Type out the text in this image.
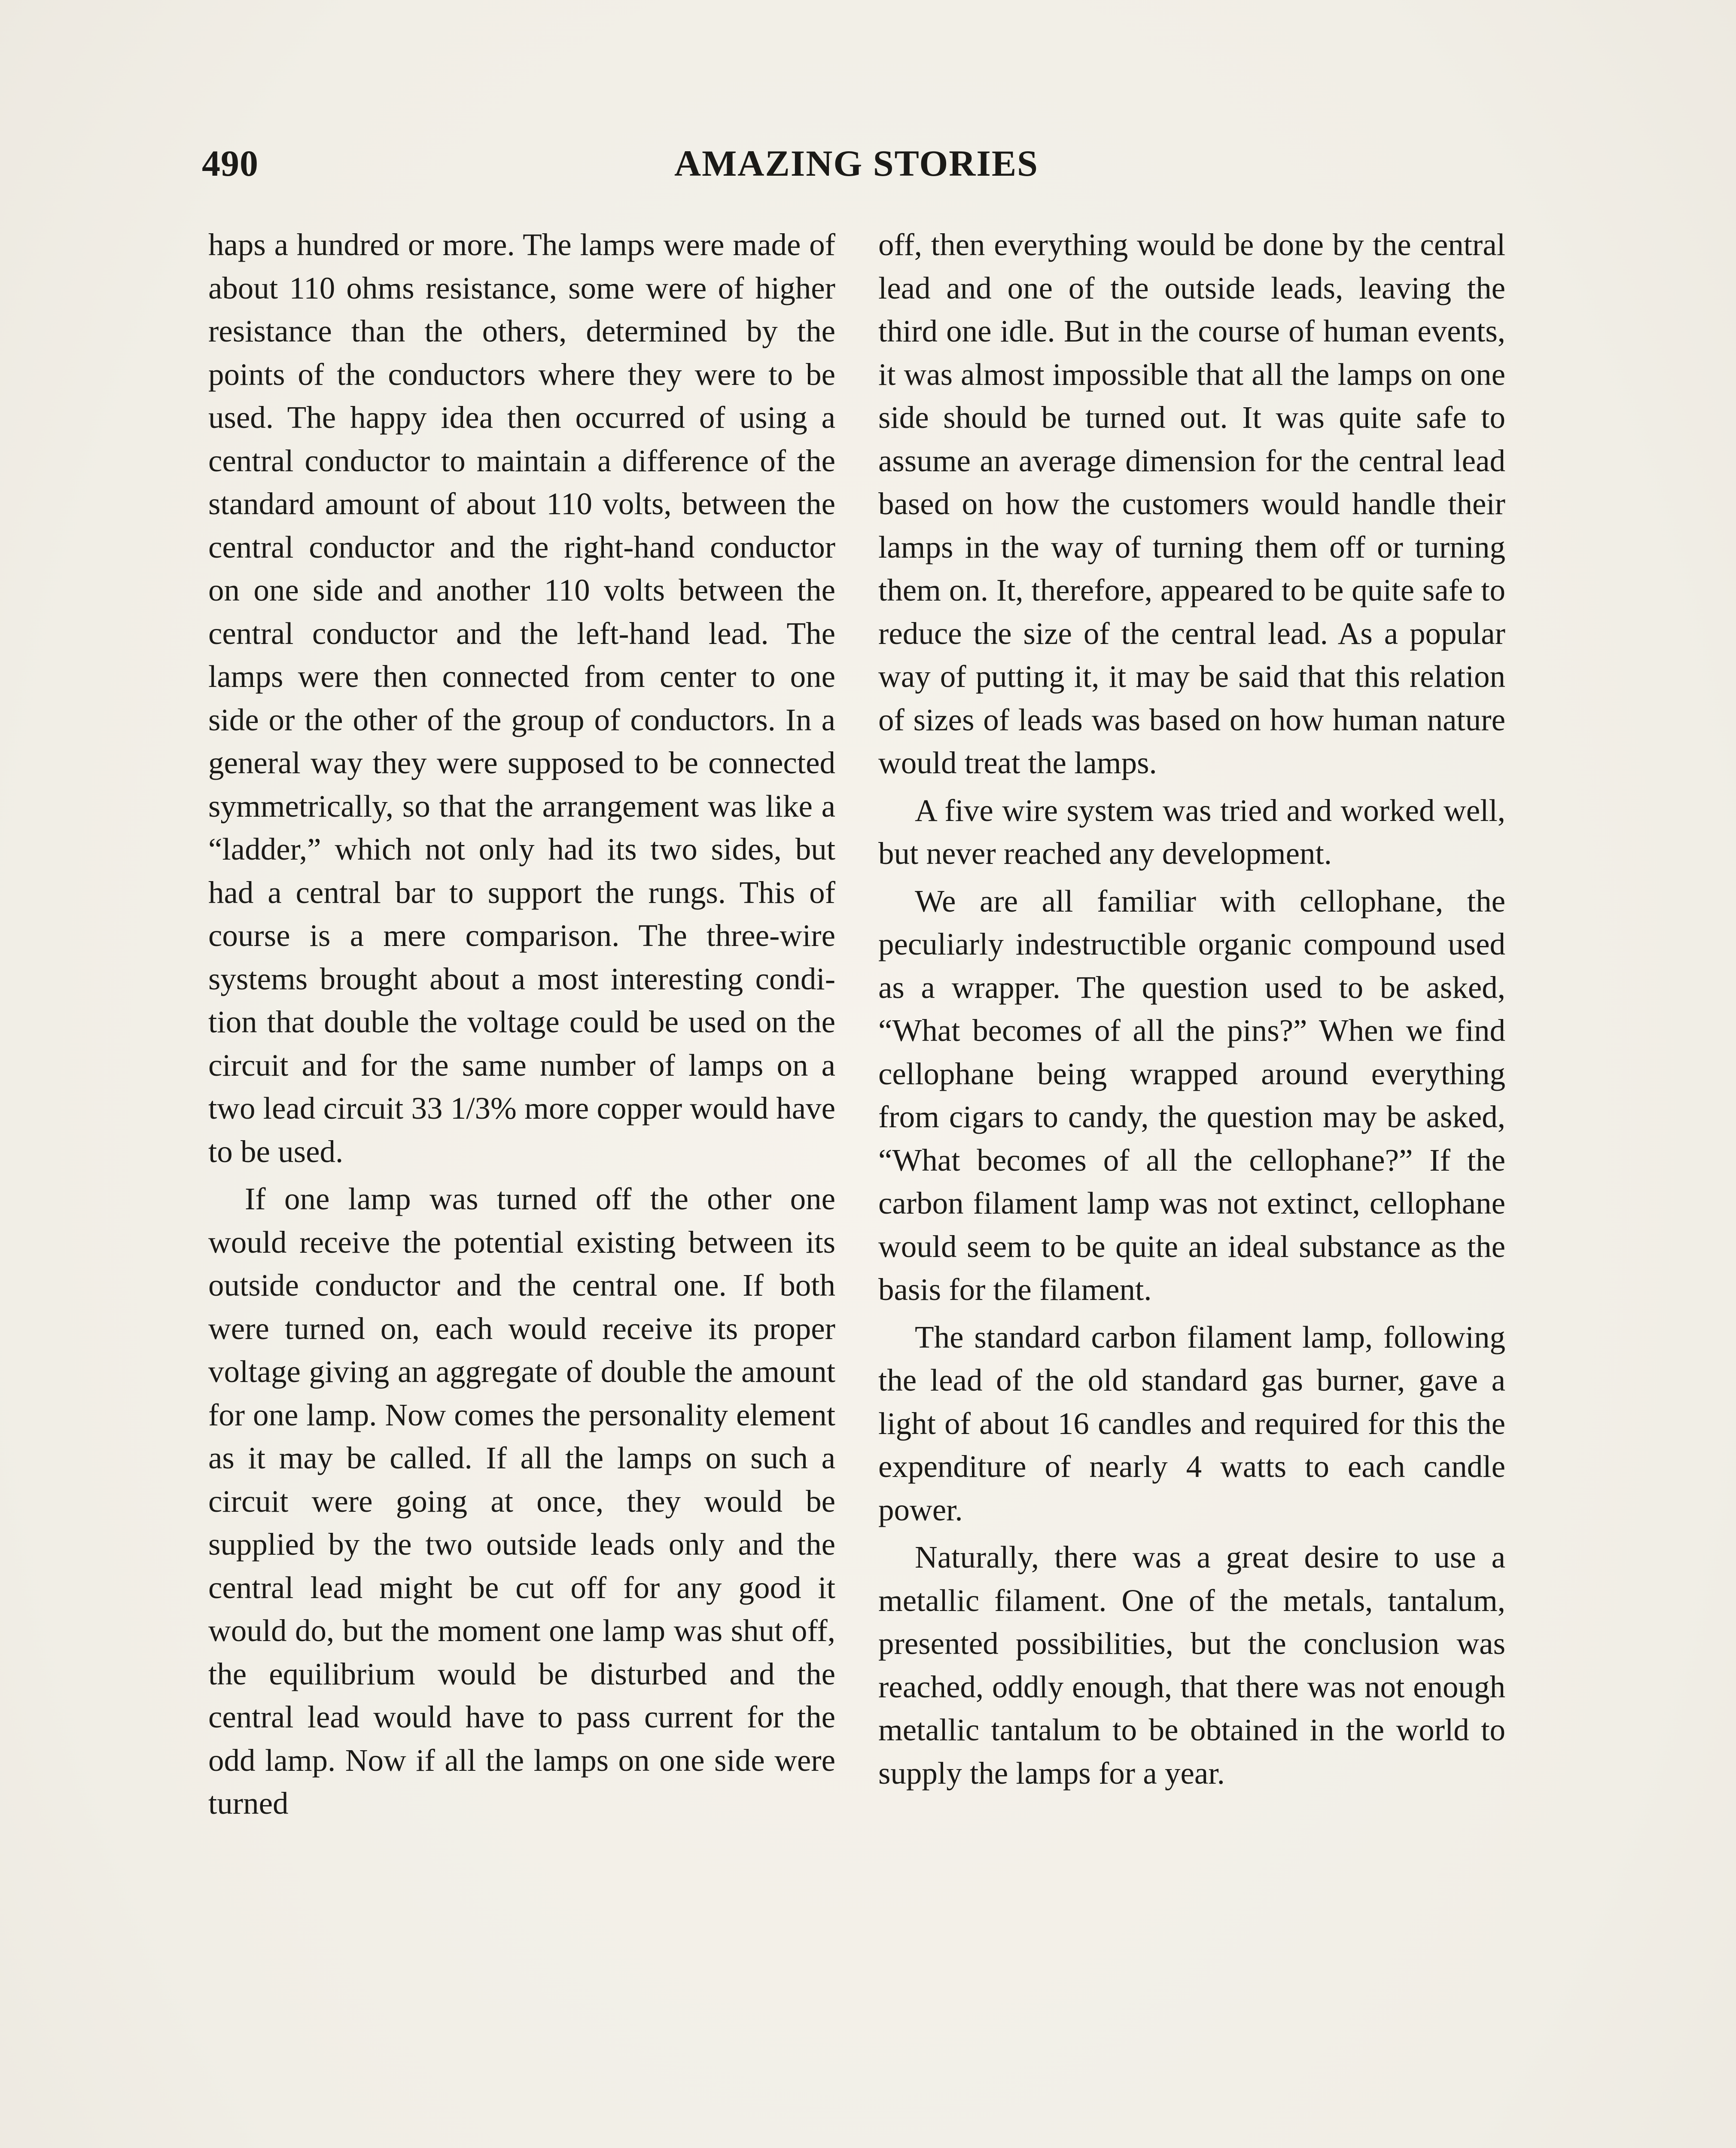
490	AMAZING STORIES

haps a hundred or more. The lamps were made of about 110 ohms resistance, some were of higher resistance than the others, determined by the points of the conductors where they were to be used. The happy idea then occurred of using a central conductor to maintain a difference of the standard amount of about 110 volts, between the central conductor and the right-hand conductor on one side and another 110 volts between the central conductor and the left-hand lead. The lamps were then connected from center to one side or the other of the group of conductors. In a general way they were supposed to be connected symmetrically, so that the arrangement was like a “ladder,” which not only had its two sides, but had a central bar to support the rungs. This of course is a mere comparison. The three-wire systems brought about a most interesting condition that double the voltage could be used on the circuit and for the same number of lamps on a two lead circuit 33 1/3% more copper would have to be used.

If one lamp was turned off the other one would receive the potential existing between its outside conductor and the central one. If both were turned on, each would receive its proper voltage giving an aggregate of double the amount for one lamp. Now comes the personality element as it may be called. If all the lamps on such a circuit were going at once, they would be supplied by the two outside leads only and the central lead might be cut off for any good it would do, but the moment one lamp was shut off, the equilibrium would be disturbed and the central lead would have to pass current for the odd lamp. Now if all the lamps on one side were turned

off, then everything would be done by the central lead and one of the outside leads, leaving the third one idle. But in the course of human events, it was almost impossible that all the lamps on one side should be turned out. It was quite safe to assume an average dimension for the central lead based on how the customers would handle their lamps in the way of turning them off or turning them on. It, therefore, appeared to be quite safe to reduce the size of the central lead. As a popular way of putting it, it may be said that this relation of sizes of leads was based on how human nature would treat the lamps.

A five wire system was tried and worked well, but never reached any development.

We are all familiar with cellophane, the peculiarly indestructible organic compound used as a wrapper. The question used to be asked, “What becomes of all the pins?” When we find cellophane being wrapped around everything from cigars to candy, the question may be asked, “What becomes of all the cellophane?” If the carbon filament lamp was not extinct, cellophane would seem to be quite an ideal substance as the basis for the filament.

The standard carbon filament lamp, following the lead of the old standard gas burner, gave a light of about 16 candles and required for this the expenditure of nearly 4 watts to each candle power.

Naturally, there was a great desire to use a metallic filament. One of the metals, tantalum, presented possibilities, but the conclusion was reached, oddly enough, that there was not enough metallic tantalum to be obtained in the world to supply the lamps for a year.
